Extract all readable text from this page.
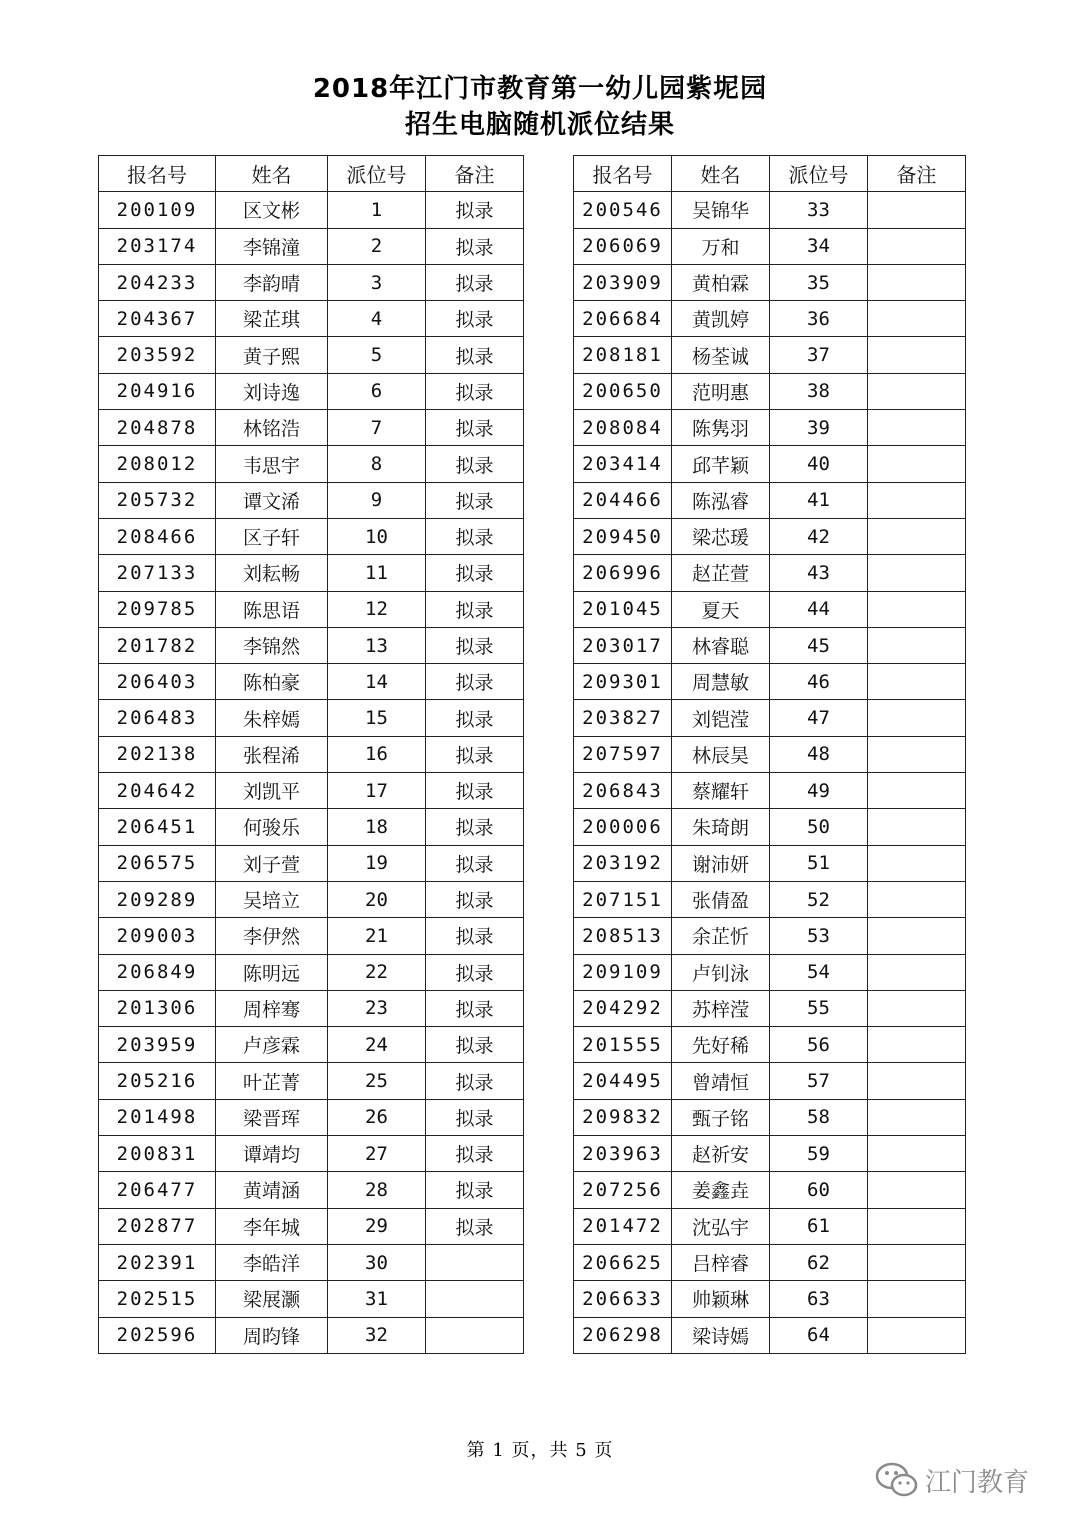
2018年江门市教育第一幼儿园紫坭园
招生电脑随机派位结果
报名号	姓名	派位号	备注
200109	区文彬	1	拟录
203174	李锦潼	2	拟录
204233	李韵晴	3	拟录
204367	梁芷琪	4	拟录
203592	黄子熙	5	拟录
204916	刘诗逸	6	拟录
204878	林铭浩	7	拟录
208012	韦思宇	8	拟录
205732	谭文浠	9	拟录
208466	区子轩	10	拟录
207133	刘耘畅	11	拟录
209785	陈思语	12	拟录
201782	李锦然	13	拟录
206403	陈柏豪	14	拟录
206483	朱梓嫣	15	拟录
202138	张程浠	16	拟录
204642	刘凯平	17	拟录
206451	何骏乐	18	拟录
206575	刘子萱	19	拟录
209289	吴培立	20	拟录
209003	李伊然	21	拟录
206849	陈明远	22	拟录
201306	周梓骞	23	拟录
203959	卢彦霖	24	拟录
205216	叶芷菁	25	拟录
201498	梁晋珲	26	拟录
200831	谭靖均	27	拟录
206477	黄靖涵	28	拟录
202877	李年城	29	拟录
202391	李皓洋	30	
202515	梁展灏	31	
202596	周昀锋	32	
报名号	姓名	派位号	备注
200546	吴锦华	33	
206069	万和	34	
203909	黄柏霖	35	
206684	黄凯婷	36	
208181	杨荃诚	37	
200650	范明惠	38	
208084	陈隽羽	39	
203414	邱芊颖	40	
204466	陈泓睿	41	
209450	梁芯瑗	42	
206996	赵芷萱	43	
201045	夏天	44	
203017	林睿聪	45	
209301	周慧敏	46	
203827	刘铠滢	47	
207597	林辰昊	48	
206843	蔡耀轩	49	
200006	朱琦朗	50	
203192	谢沛妍	51	
207151	张倩盈	52	
208513	余芷忻	53	
209109	卢钊泳	54	
204292	苏梓滢	55	
201555	先好稀	56	
204495	曾靖恒	57	
209832	甄子铭	58	
203963	赵祈安	59	
207256	姜鑫垚	60	
201472	沈弘宇	61	
206625	吕梓睿	62	
206633	帅颖琳	63	
206298	梁诗嫣	64	
第 1 页，共 5 页
江门教育
